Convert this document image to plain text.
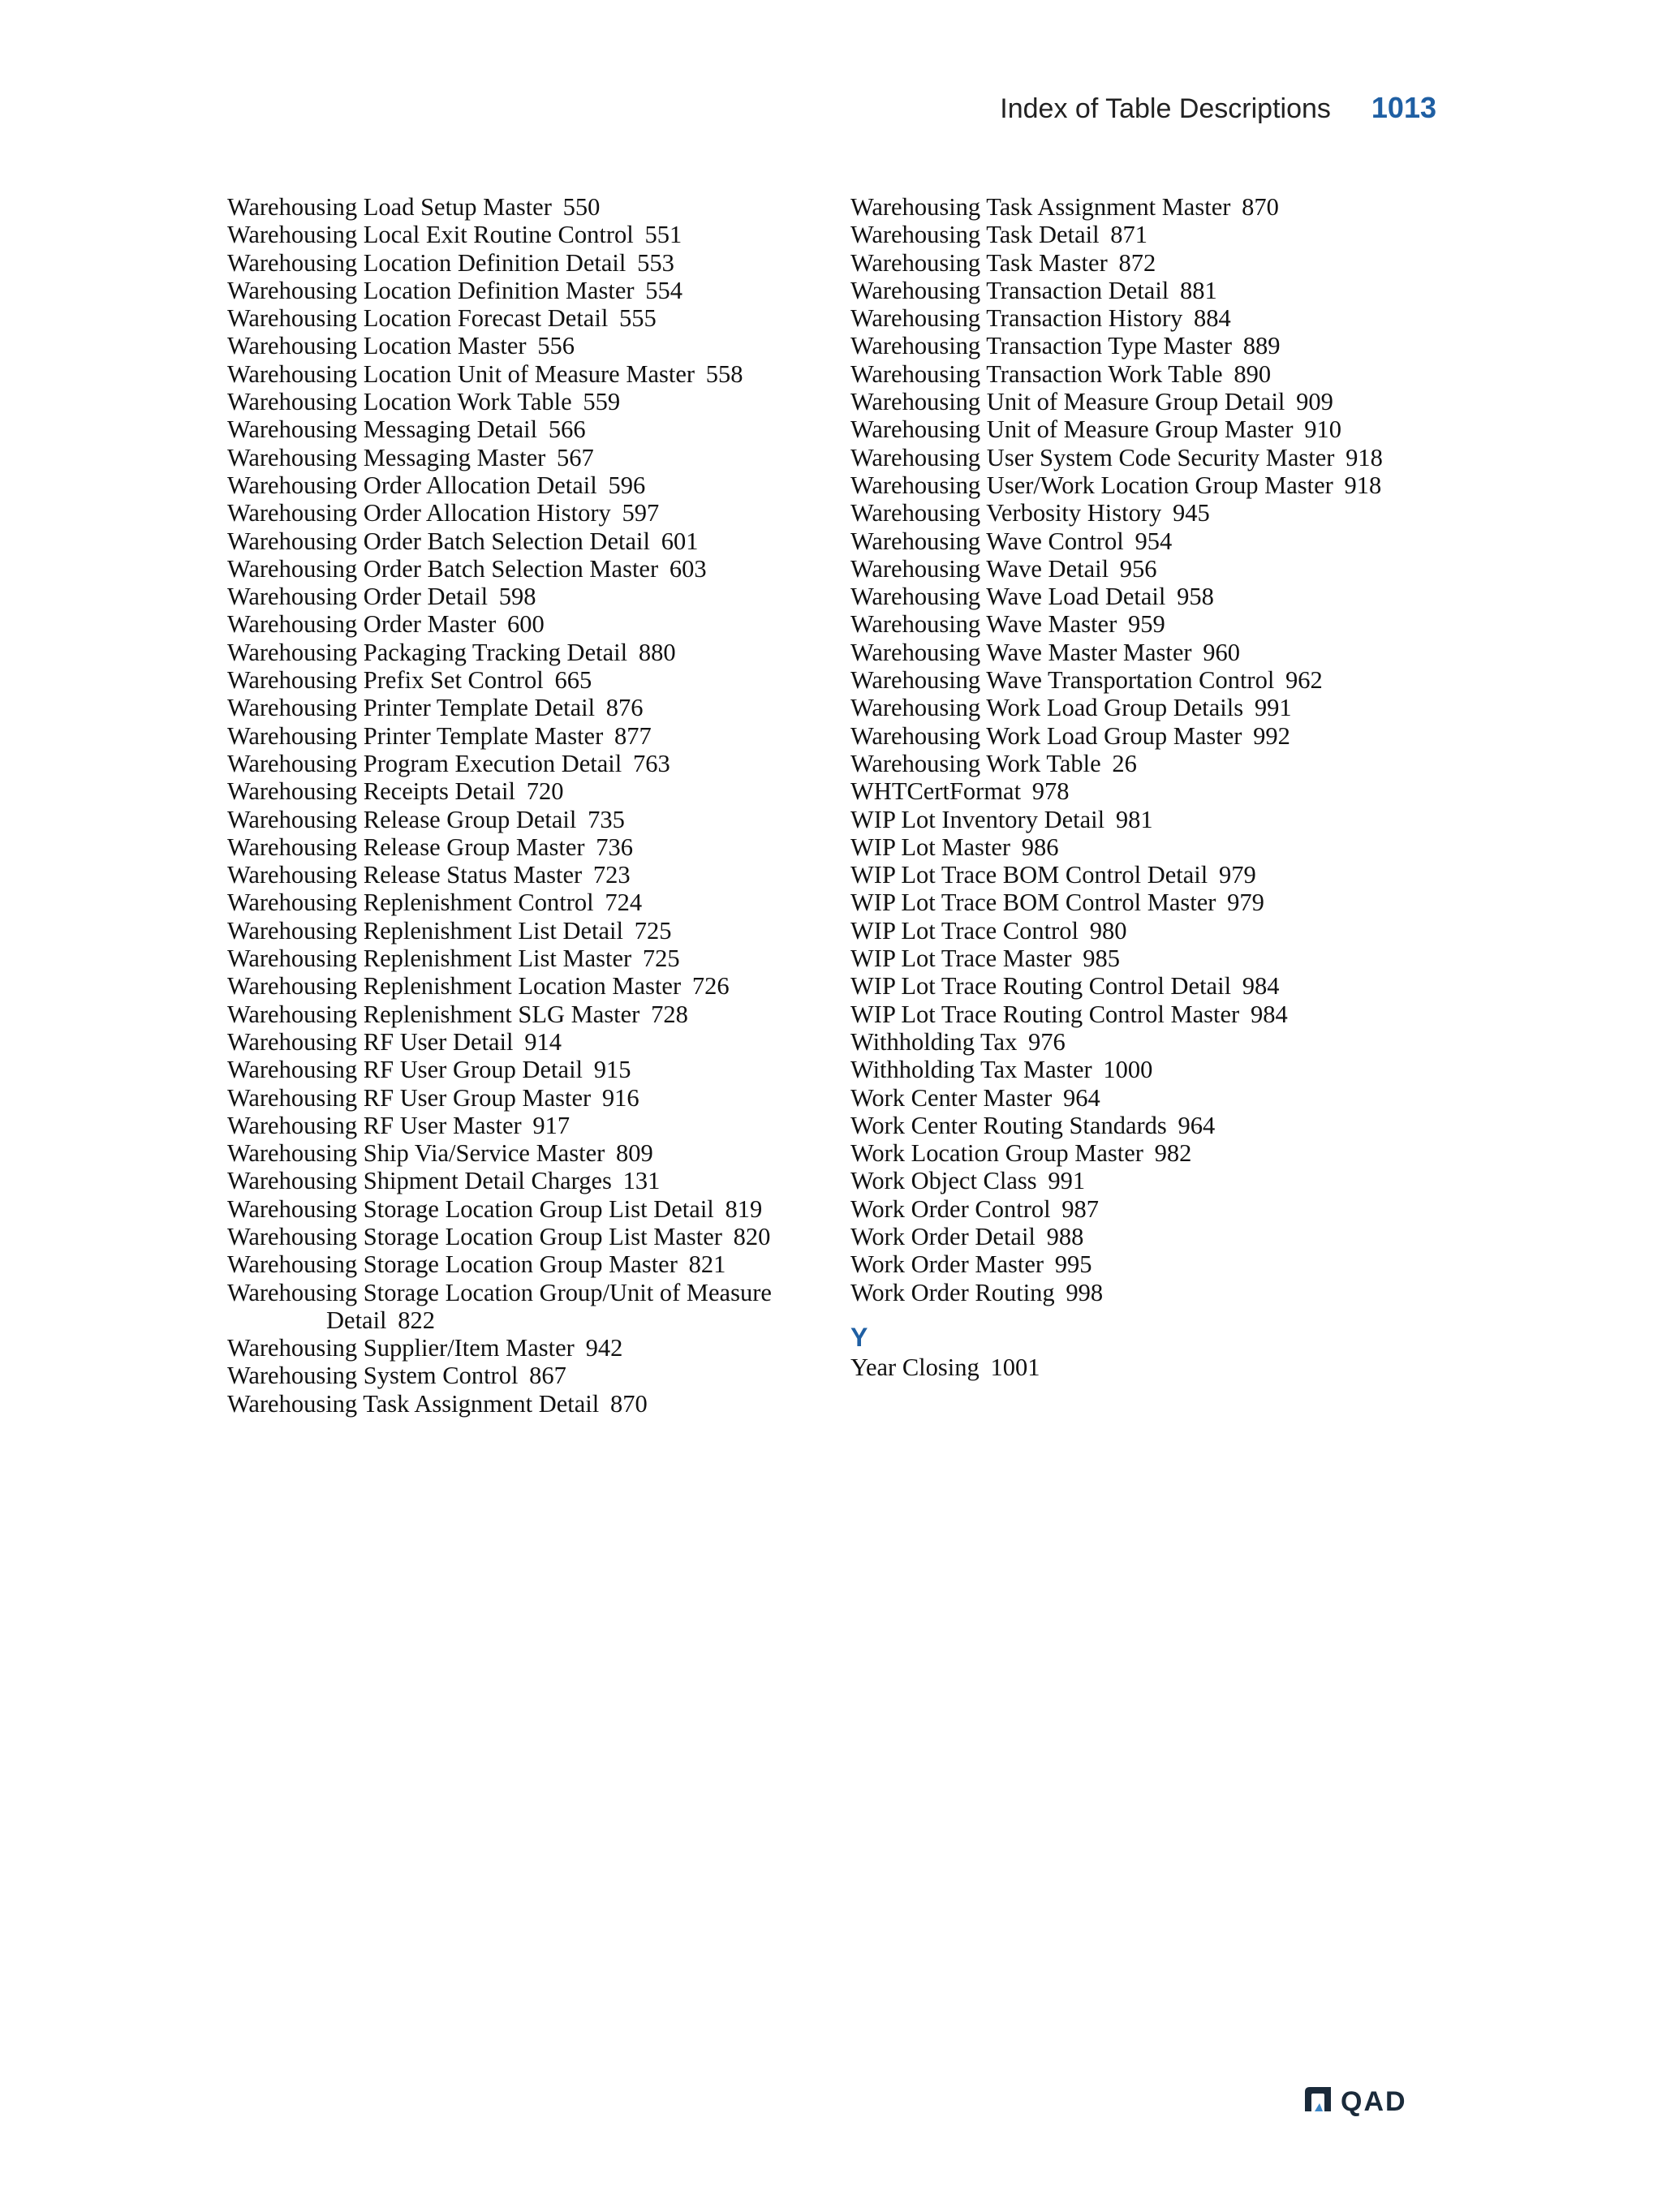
Index of Table Descriptions 1013
Warehousing Load Setup Master 550
Warehousing Local Exit Routine Control 551
Warehousing Location Definition Detail 553
Warehousing Location Definition Master 554
Warehousing Location Forecast Detail 555
Warehousing Location Master 556
Warehousing Location Unit of Measure Master 558
Warehousing Location Work Table 559
Warehousing Messaging Detail 566
Warehousing Messaging Master 567
Warehousing Order Allocation Detail 596
Warehousing Order Allocation History 597
Warehousing Order Batch Selection Detail 601
Warehousing Order Batch Selection Master 603
Warehousing Order Detail 598
Warehousing Order Master 600
Warehousing Packaging Tracking Detail 880
Warehousing Prefix Set Control 665
Warehousing Printer Template Detail 876
Warehousing Printer Template Master 877
Warehousing Program Execution Detail 763
Warehousing Receipts Detail 720
Warehousing Release Group Detail 735
Warehousing Release Group Master 736
Warehousing Release Status Master 723
Warehousing Replenishment Control 724
Warehousing Replenishment List Detail 725
Warehousing Replenishment List Master 725
Warehousing Replenishment Location Master 726
Warehousing Replenishment SLG Master 728
Warehousing RF User Detail 914
Warehousing RF User Group Detail 915
Warehousing RF User Group Master 916
Warehousing RF User Master 917
Warehousing Ship Via/Service Master 809
Warehousing Shipment Detail Charges 131
Warehousing Storage Location Group List Detail 819
Warehousing Storage Location Group List Master 820
Warehousing Storage Location Group Master 821
Warehousing Storage Location Group/Unit of Measure
Detail 822
Warehousing Supplier/Item Master 942
Warehousing System Control 867
Warehousing Task Assignment Detail 870
Warehousing Task Assignment Master 870
Warehousing Task Detail 871
Warehousing Task Master 872
Warehousing Transaction Detail 881
Warehousing Transaction History 884
Warehousing Transaction Type Master 889
Warehousing Transaction Work Table 890
Warehousing Unit of Measure Group Detail 909
Warehousing Unit of Measure Group Master 910
Warehousing User System Code Security Master 918
Warehousing User/Work Location Group Master 918
Warehousing Verbosity History 945
Warehousing Wave Control 954
Warehousing Wave Detail 956
Warehousing Wave Load Detail 958
Warehousing Wave Master 959
Warehousing Wave Master Master 960
Warehousing Wave Transportation Control 962
Warehousing Work Load Group Details 991
Warehousing Work Load Group Master 992
Warehousing Work Table 26
WHTCertFormat 978
WIP Lot Inventory Detail 981
WIP Lot Master 986
WIP Lot Trace BOM Control Detail 979
WIP Lot Trace BOM Control Master 979
WIP Lot Trace Control 980
WIP Lot Trace Master 985
WIP Lot Trace Routing Control Detail 984
WIP Lot Trace Routing Control Master 984
Withholding Tax 976
Withholding Tax Master 1000
Work Center Master 964
Work Center Routing Standards 964
Work Location Group Master 982
Work Object Class 991
Work Order Control 987
Work Order Detail 988
Work Order Master 995
Work Order Routing 998
Y
Year Closing 1001
QAD
